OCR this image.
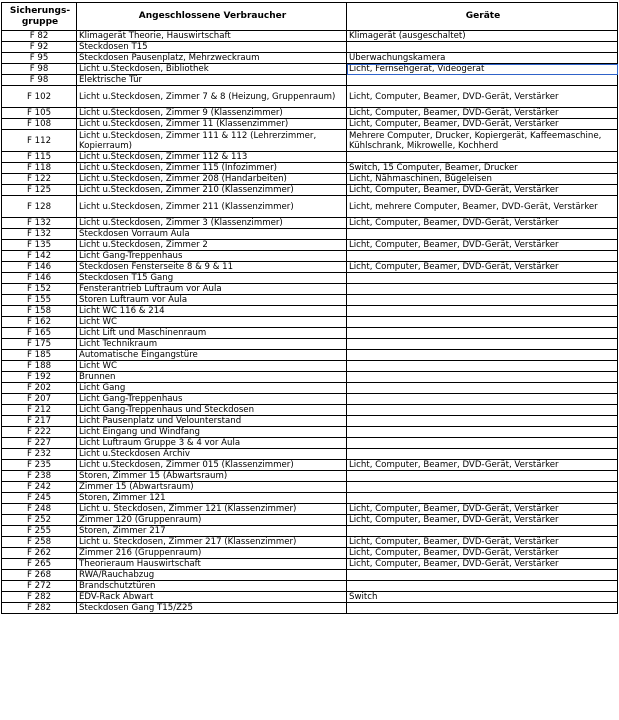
Sicherungs-gruppe	Angeschlossene Verbraucher	Geräte
F 82	Klimagerät Theorie, Hauswirtschaft	Klimagerät (ausgeschaltet)
F 92	Steckdosen T15	
F 95	Steckdosen Pausenplatz, Mehrzweckraum	Überwachungskamera
F 98	Licht u.Steckdosen, Bibliothek	Licht, Fernsehgerät, Videogerät
F 98	Elektrische Tür	
F 102	Licht u.Steckdosen, Zimmer 7 & 8 (Heizung, Gruppenraum)	Licht, Computer, Beamer, DVD-Gerät, Verstärker
F 105	Licht u.Steckdosen, Zimmer 9 (Klassenzimmer)	Licht, Computer, Beamer, DVD-Gerät, Verstärker
F 108	Licht u.Steckdosen, Zimmer 11 (Klassenzimmer)	Licht, Computer, Beamer, DVD-Gerät, Verstärker
F 112	Licht u.Steckdosen, Zimmer 111 & 112 (Lehrerzimmer, Kopierraum)	Mehrere Computer, Drucker, Kopiergerät, Kaffeemaschine, Kühlschrank, Mikrowelle, Kochherd
F 115	Licht u.Steckdosen, Zimmer 112 & 113	
F 118	Licht u.Steckdosen, Zimmer 115 (Infozimmer)	Switch, 15 Computer, Beamer, Drucker
F 122	Licht u.Steckdosen, Zimmer 208 (Handarbeiten)	Licht, Nähmaschinen, Bügeleisen
F 125	Licht u.Steckdosen, Zimmer 210 (Klassenzimmer)	Licht, Computer, Beamer, DVD-Gerät, Verstärker
F 128	Licht u.Steckdosen, Zimmer 211 (Klassenzimmer)	Licht, mehrere Computer, Beamer, DVD-Gerät, Verstärker
F 132	Licht u.Steckdosen, Zimmer 3 (Klassenzimmer)	Licht, Computer, Beamer, DVD-Gerät, Verstärker
F 132	Steckdosen Vorraum Aula	
F 135	Licht u.Steckdosen, Zimmer 2	Licht, Computer, Beamer, DVD-Gerät, Verstärker
F 142	Licht Gang-Treppenhaus	
F 146	Steckdosen Fensterseite 8 & 9 & 11	Licht, Computer, Beamer, DVD-Gerät, Verstärker
F 146	Steckdosen T15 Gang	
F 152	Fensterantrieb Luftraum vor Aula	
F 155	Storen Luftraum vor Aula	
F 158	Licht WC 116 & 214	
F 162	Licht WC	
F 165	Licht Lift und Maschinenraum	
F 175	Licht Technikraum	
F 185	Automatische Eingangstüre	
F 188	Licht WC	
F 192	Brunnen	
F 202	Licht Gang	
F 207	Licht Gang-Treppenhaus	
F 212	Licht Gang-Treppenhaus und Steckdosen	
F 217	Licht Pausenplatz und Velounterstand	
F 222	Licht Eingang und Windfang	
F 227	Licht Luftraum Gruppe 3 & 4 vor Aula	
F 232	Licht u.Steckdosen Archiv	
F 235	Licht u.Steckdosen, Zimmer 015 (Klassenzimmer)	Licht, Computer, Beamer, DVD-Gerät, Verstärker
F 238	Storen, Zimmer 15 (Abwartsraum)	
F 242	Zimmer 15 (Abwartsraum)	
F 245	Storen, Zimmer 121	
F 248	Licht u. Steckdosen, Zimmer 121 (Klassenzimmer)	Licht, Computer, Beamer, DVD-Gerät, Verstärker
F 252	Zimmer 120 (Gruppenraum)	Licht, Computer, Beamer, DVD-Gerät, Verstärker
F 255	Storen, Zimmer 217	
F 258	Licht u. Steckdosen, Zimmer 217 (Klassenzimmer)	Licht, Computer, Beamer, DVD-Gerät, Verstärker
F 262	Zimmer 216 (Gruppenraum)	Licht, Computer, Beamer, DVD-Gerät, Verstärker
F 265	Theorieraum Hauswirtschaft	Licht, Computer, Beamer, DVD-Gerät, Verstärker
F 268	RWA/Rauchabzug	
F 272	Brandschutztüren	
F 282	EDV-Rack Abwart	Switch
F 282	Steckdosen Gang T15/Z25	
